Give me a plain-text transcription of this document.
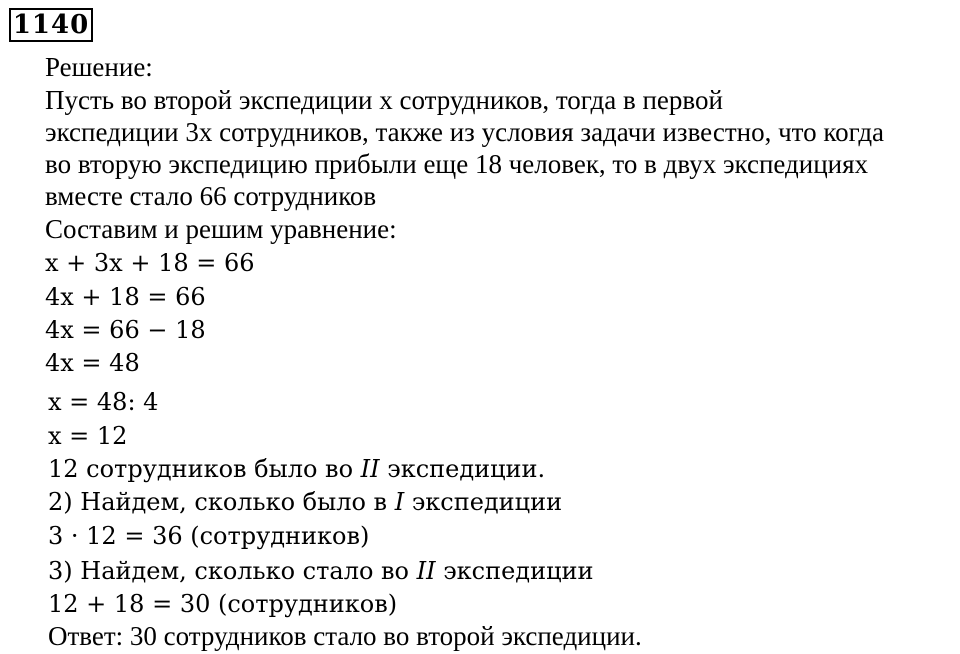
1140
Решение:
Пусть во второй экспедиции x сотрудников, тогда в первой
экспедиции 3x сотрудников, также из условия задачи известно, что когда
во вторую экспедицию прибыли еще 18 человек, то в двух экспедициях
вместе стало 66 сотрудников
Составим и решим уравнение:
x + 3x + 18 = 66
4x + 18 = 66
4x = 66 − 18
4x = 48
x = 48: 4
x = 12
12 сотрудников было во II экспедиции.
2) Найдем, сколько было в I экспедиции
3 · 12 = 36 (сотрудников)
3) Найдем, сколько стало во II экспедиции
12 + 18 = 30 (сотрудников)
Ответ: 30 сотрудников стало во второй экспедиции.
